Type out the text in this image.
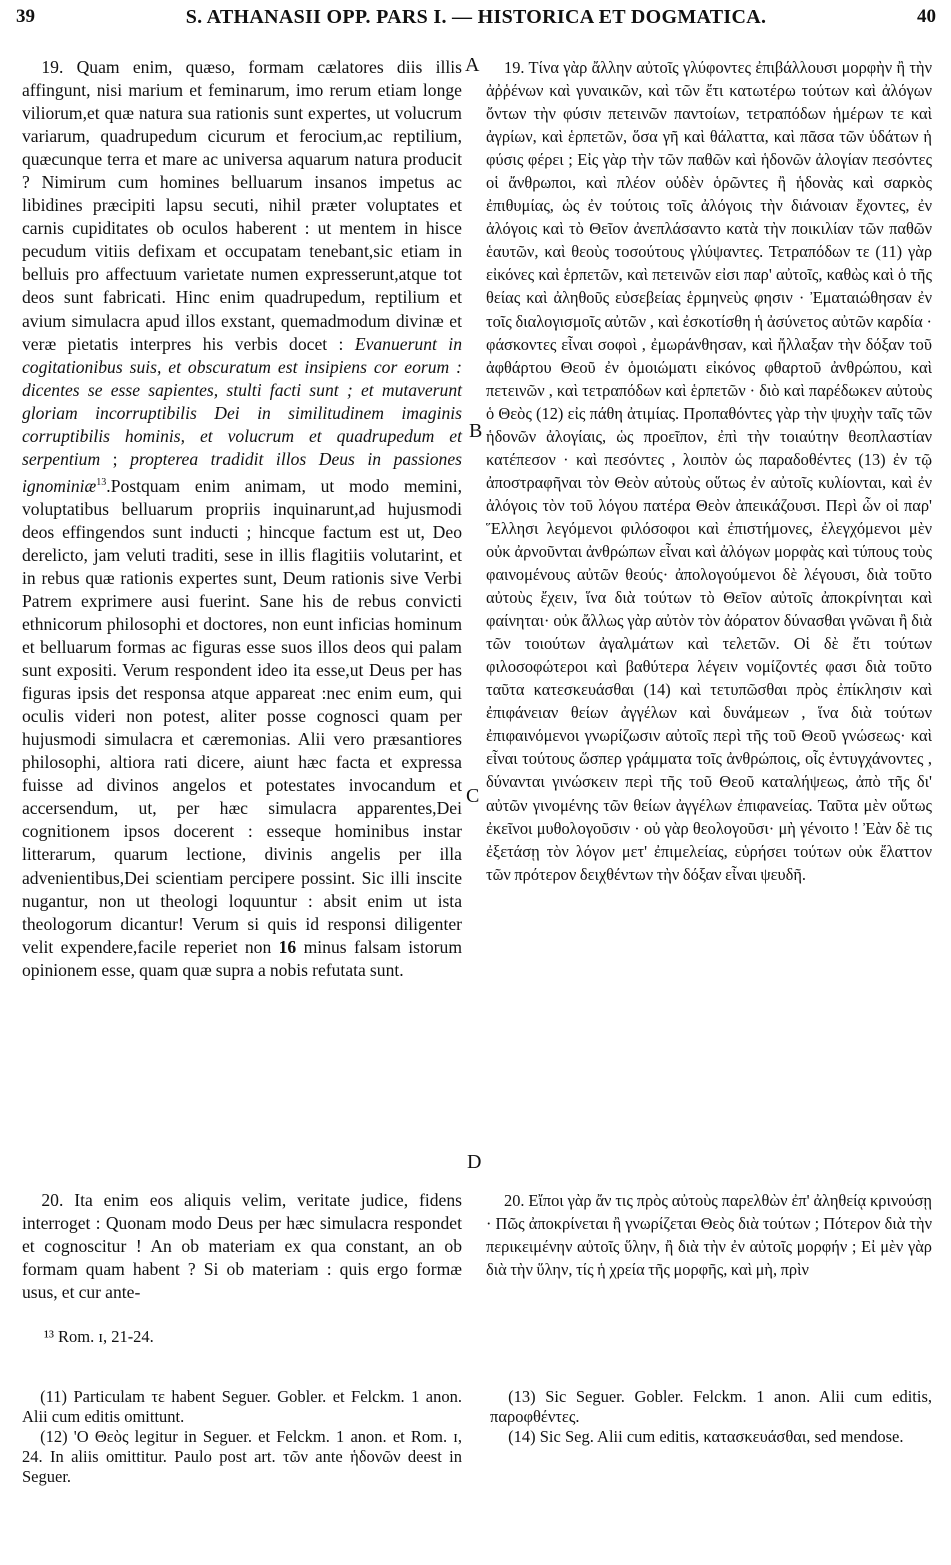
39	S. ATHANASII OPP. PARS I. — HISTORICA ET DOGMATICA.	40

19. Quam enim, quæso, formam cælatores diis illis affingunt, nisi marium et feminarum, imo rerum etiam longe viliorum,et quæ natura sua rationis sunt expertes, ut volucrum variarum, quadrupedum cicurum et ferocium,ac reptilium, quæcunque terra et mare ac universa aquarum natura producit ? Nimirum cum homines belluarum insanos impetus ac libidines præcipiti lapsu secuti, nihil præter voluptates et carnis cupiditates ob oculos haberent : ut mentem in hisce pecudum vitiis defixam et occupatam tenebant,sic etiam in belluis pro affectuum varietate numen expresserunt,atque tot deos sunt fabricati. Hinc enim quadrupedum, reptilium et avium simulacra apud illos exstant, quemadmodum divinæ et veræ pietatis interpres his verbis docet : Evanuerunt in cogitationibus suis, et obscuratum est insipiens cor eorum : dicentes se esse sapientes, stulti facti sunt ; et mutaverunt gloriam incorruptibilis Dei in similitudinem imaginis corruptibilis hominis, et volucrum et quadrupedum et serpentium ; propterea tradidit illos Deus in passiones ignominiæ$^{13}$.Postquam enim animam, ut modo memini, voluptatibus belluarum propriis inquinarunt,ad hujusmodi deos effingendos sunt inducti ; hincque factum est ut, Deo derelicto, jam veluti traditi, sese in illis flagitiis volutarint, et in rebus quæ rationis expertes sunt, Deum rationis sive Verbi Patrem exprimere ausi fuerint. Sane his de rebus convicti ethnicorum philosophi et doctores, non eunt inficias hominum et belluarum formas ac figuras esse suos illos deos qui palam sunt expositi. Verum respondent ideo ita esse,ut Deus per has figuras ipsis det responsa atque appareat :nec enim eum, qui oculis videri non potest, aliter posse cognosci quam per hujusmodi simulacra et cæremonias. Alii vero præsantiores philosophi, altiora rati dicere, aiunt hæc facta et expressa fuisse ad divinos angelos et potestates invocandum et accersendum, ut, per hæc simulacra apparentes,Dei cognitionem ipsos docerent : esseque hominibus instar litterarum, quarum lectione, divinis angelis per illa advenientibus,Dei scientiam percipere possint. Sic illi inscite nugantur, non ut theologi loquuntur : absit enim ut ista theologorum dicantur! Verum si quis id responsi diligenter velit expendere,facile reperiet non 16 minus falsam istorum opinionem esse, quam quæ supra a nobis refutata sunt.

19. Τίνα γὰρ ἄλλην αὐτοῖς γλύφοντες ἐπιβάλλουσι μορφὴν ἢ τὴν ἀῤῥένων καὶ γυναικῶν, καὶ τῶν ἔτι κατωτέρω τούτων καὶ ἀλόγων ὄντων τὴν φύσιν πετεινῶν παντοίων, τετραπόδων ἡμέρων τε καὶ ἀγρίων, καὶ ἑρπετῶν, ὅσα γῆ καὶ θάλαττα, καὶ πᾶσα τῶν ὑδάτων ἡ φύσις φέρει ; Εἰς γὰρ τὴν τῶν παθῶν καὶ ἡδονῶν ἀλογίαν πεσόντες οἱ ἄνθρωποι, καὶ πλέον οὐδὲν ὁρῶντες ἢ ἡδονὰς καὶ σαρκὸς ἐπιθυμίας, ὡς ἐν τούτοις τοῖς ἀλόγοις τὴν διάνοιαν ἔχοντες, ἐν ἀλόγοις καὶ τὸ Θεῖον ἀνεπλάσαντο κατὰ τὴν ποικιλίαν τῶν παθῶν ἑαυτῶν, καὶ θεοὺς τοσούτους γλύψαντες. Τετραπόδων τε (11) γὰρ εἰκόνες καὶ ἑρπετῶν, καὶ πετεινῶν εἰσι παρ' αὐτοῖς, καθὼς καὶ ὁ τῆς θείας καὶ ἀληθοῦς εὐσεβείας ἑρμηνεὺς φησιν · Ἐματαιώθησαν ἐν τοῖς διαλογισμοῖς αὐτῶν , καὶ ἐσκοτίσθη ἡ ἀσύνετος αὐτῶν καρδία · φάσκοντες εἶναι σοφοὶ , ἐμωράνθησαν, καὶ ἤλλαξαν τὴν δόξαν τοῦ ἀφθάρτου Θεοῦ ἐν ὁμοιώματι εἰκόνος φθαρτοῦ ἀνθρώπου, καὶ πετεινῶν , καὶ τετραπόδων καὶ ἑρπετῶν · διὸ καὶ παρέδωκεν αὐτοὺς ὁ Θεὸς (12) εἰς πάθη ἀτιμίας. Προπαθόντες γὰρ τὴν ψυχὴν ταῖς τῶν ἡδονῶν ἀλογίαις, ὡς προεῖπον, ἐπὶ τὴν τοιαύτην θεοπλαστίαν κατέπεσον · καὶ πεσόντες , λοιπὸν ὡς παραδοθέντες (13) ἐν τῷ ἀποστραφῆναι τὸν Θεὸν αὐτοὺς οὕτως ἐν αὐτοῖς κυλίονται, καὶ ἐν ἀλόγοις τὸν τοῦ λόγου πατέρα Θεὸν ἀπεικάζουσι. Περὶ ὧν οἱ παρ' Ἕλλησι λεγόμενοι φιλόσοφοι καὶ ἐπιστήμονες, ἐλεγχόμενοι μὲν οὐκ ἀρνοῦνται ἀνθρώπων εἶναι καὶ ἀλόγων μορφὰς καὶ τύπους τοὺς φαινομένους αὐτῶν θεούς· ἀπολογούμενοι δὲ λέγουσι, διὰ τοῦτο αὐτοὺς ἔχειν, ἵνα διὰ τούτων τὸ Θεῖον αὐτοῖς ἀποκρίνηται καὶ φαίνηται· οὐκ ἄλλως γὰρ αὐτὸν τὸν ἀόρατον δύνασθαι γνῶναι ἢ διὰ τῶν τοιούτων ἀγαλμάτων καὶ τελετῶν. Οἱ δὲ ἔτι τούτων φιλοσοφώτεροι καὶ βαθύτερα λέγειν νομίζοντές φασι διὰ τοῦτο ταῦτα κατεσκευάσθαι (14) καὶ τετυπῶσθαι πρὸς ἐπίκλησιν καὶ ἐπιφάνειαν θείων ἀγγέλων καὶ δυνάμεων , ἵνα διὰ τούτων ἐπιφαινόμενοι γνωρίζωσιν αὐτοῖς περὶ τῆς τοῦ Θεοῦ γνώσεως· καὶ εἶναι τούτους ὥσπερ γράμματα τοῖς ἀνθρώποις, οἷς ἐντυγχάνοντες , δύνανται γινώσκειν περὶ τῆς τοῦ Θεοῦ καταλήψεως, ἀπὸ τῆς δι' αὐτῶν γινομένης τῶν θείων ἀγγέλων ἐπιφανείας. Ταῦτα μὲν οὕτως ἐκεῖνοι μυθολογοῦσιν · οὐ γὰρ θεολογοῦσι· μὴ γένοιτο ! Ἐὰν δὲ τις ἐξετάσῃ τὸν λόγον μετ' ἐπιμελείας, εὑρήσει τούτων οὐκ ἔλαττον τῶν πρότερον δειχθέντων τὴν δόξαν εἶναι ψευδῆ.

A
B
C
D

20. Ita enim eos aliquis velim, veritate judice, fidens interroget : Quonam modo Deus per hæc simulacra respondet et cognoscitur ! An ob materiam ex qua constant, an ob formam quam habent ? Si ob materiam : quis ergo formæ usus, et cur ante-

20. Εἴποι γὰρ ἄν τις πρὸς αὐτοὺς παρελθὼν ἐπ' ἀληθείᾳ κρινούσῃ · Πῶς ἀποκρίνεται ἢ γνωρίζεται Θεὸς διὰ τούτων ; Πότερον διὰ τὴν περικειμένην αὐτοῖς ὕλην, ἢ διὰ τὴν ἐν αὐτοῖς μορφήν ; Εἰ μὲν γὰρ διὰ τὴν ὕλην, τίς ἡ χρεία τῆς μορφῆς, καὶ μὴ, πρὶν

¹³ Rom. ɪ, 21-24.

(11) Particulam τε habent Seguer. Gobler. et Felckm. 1 anon. Alii cum editis omittunt.

(12) 'Ο Θεὸς legitur in Seguer. et Felckm. 1 anon. et Rom. ɪ, 24. In aliis omittitur. Paulo post art. τῶν ante ἡδονῶν deest in Seguer.

(13) Sic Seguer. Gobler. Felckm. 1 anon. Alii cum editis, παροφθέντες.

(14) Sic Seg. Alii cum editis, κατασκευάσθαι, sed mendose.
